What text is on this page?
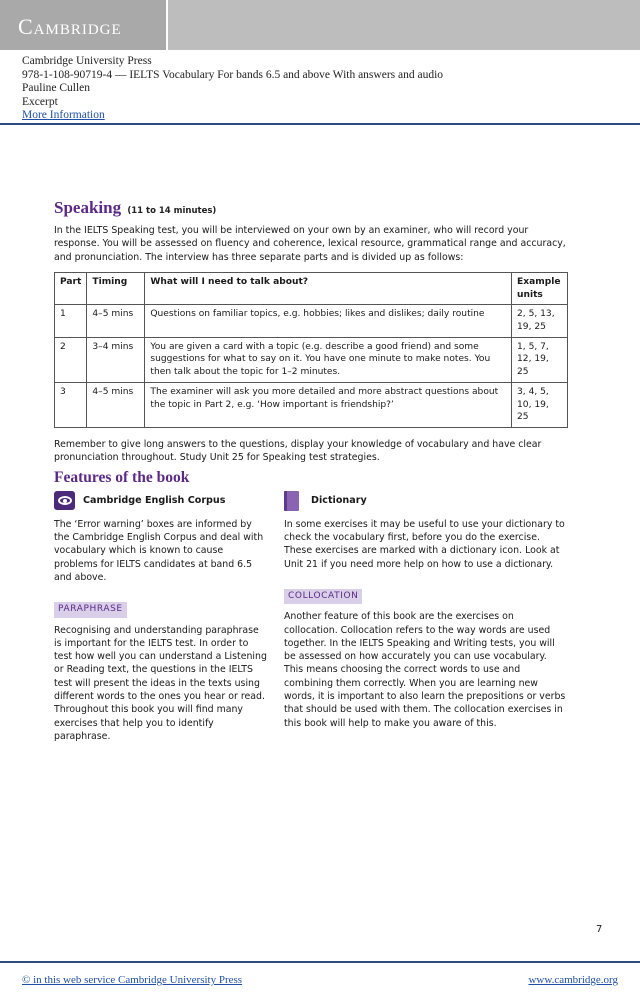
Cambridge
Cambridge University Press
978-1-108-90719-4 — IELTS Vocabulary For bands 6.5 and above With answers and audio
Pauline Cullen
Excerpt
More Information
Speaking (11 to 14 minutes)
In the IELTS Speaking test, you will be interviewed on your own by an examiner, who will record your response. You will be assessed on fluency and coherence, lexical resource, grammatical range and accuracy, and pronunciation. The interview has three separate parts and is divided up as follows:
Part	Timing	What will I need to talk about?	Example units
1	4–5 mins	Questions on familiar topics, e.g. hobbies; likes and dislikes; daily routine	2, 5, 13, 19, 25
2	3–4 mins	You are given a card with a topic (e.g. describe a good friend) and some suggestions for what to say on it. You have one minute to make notes. You then talk about the topic for 1–2 minutes.	1, 5, 7, 12, 19, 25
3	4–5 mins	The examiner will ask you more detailed and more abstract questions about the topic in Part 2, e.g. ‘How important is friendship?’	3, 4, 5, 10, 19, 25
Remember to give long answers to the questions, display your knowledge of vocabulary and have clear pronunciation throughout. Study Unit 25 for Speaking test strategies.
Features of the book
Cambridge English Corpus
The ‘Error warning’ boxes are informed by the Cambridge English Corpus and deal with vocabulary which is known to cause problems for IELTS candidates at band 6.5 and above.
PARAPHRASE
Recognising and understanding paraphrase is important for the IELTS test. In order to test how well you can understand a Listening or Reading text, the questions in the IELTS test will present the ideas in the texts using different words to the ones you hear or read. Throughout this book you will find many exercises that help you to identify paraphrase.
Dictionary
In some exercises it may be useful to use your dictionary to check the vocabulary first, before you do the exercise. These exercises are marked with a dictionary icon. Look at Unit 21 if you need more help on how to use a dictionary.
COLLOCATION
Another feature of this book are the exercises on collocation. Collocation refers to the way words are used together. In the IELTS Speaking and Writing tests, you will be assessed on how accurately you can use vocabulary. This means choosing the correct words to use and combining them correctly. When you are learning new words, it is important to also learn the prepositions or verbs that should be used with them. The collocation exercises in this book will help to make you aware of this.
7
© in this web service Cambridge University Press	www.cambridge.org
